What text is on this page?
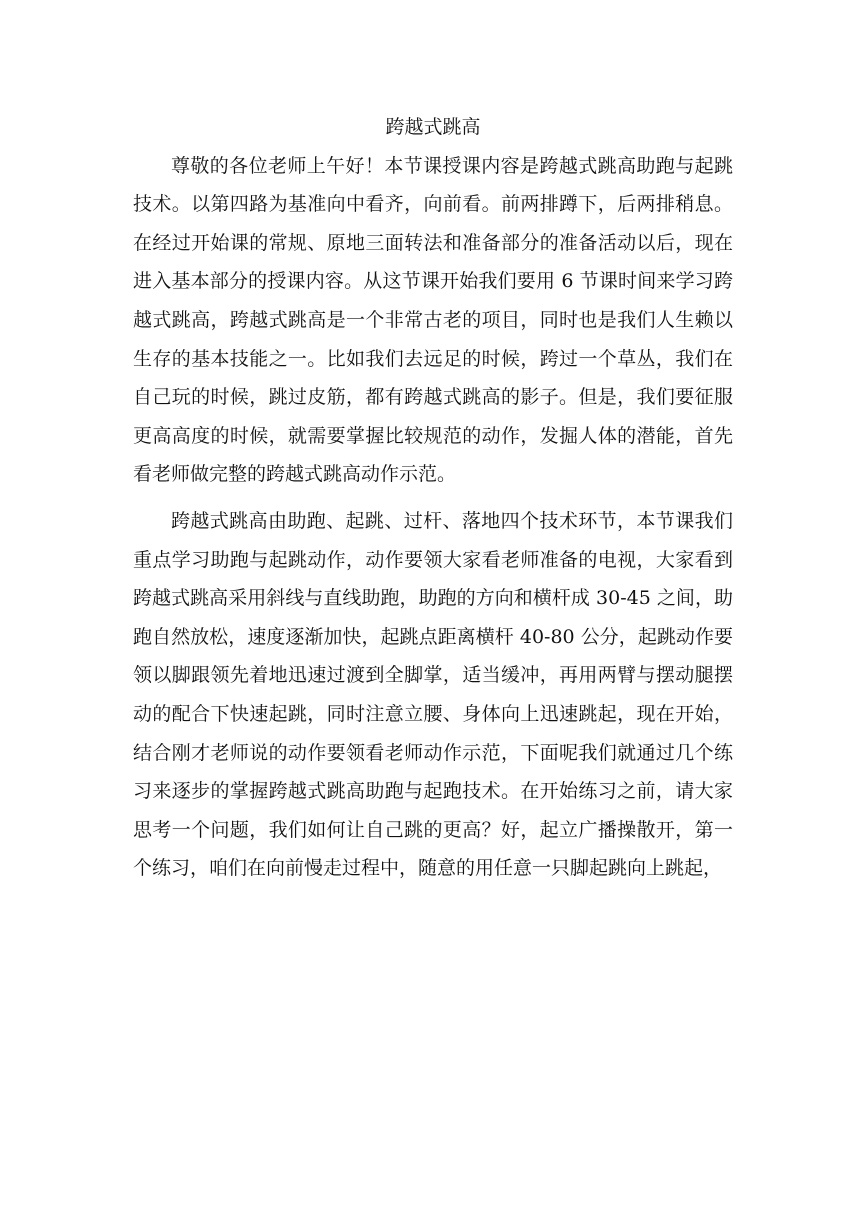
跨越式跳高

尊敬的各位老师上午好！本节课授课内容是跨越式跳高助跑与起跳技术。以第四路为基准向中看齐，向前看。前两排蹲下，后两排稍息。在经过开始课的常规、原地三面转法和准备部分的准备活动以后，现在进入基本部分的授课内容。从这节课开始我们要用 6 节课时间来学习跨越式跳高，跨越式跳高是一个非常古老的项目，同时也是我们人生赖以生存的基本技能之一。比如我们去远足的时候，跨过一个草丛，我们在自己玩的时候，跳过皮筋，都有跨越式跳高的影子。但是，我们要征服更高高度的时候，就需要掌握比较规范的动作，发掘人体的潜能，首先看老师做完整的跨越式跳高动作示范。

跨越式跳高由助跑、起跳、过杆、落地四个技术环节，本节课我们重点学习助跑与起跳动作，动作要领大家看老师准备的电视，大家看到跨越式跳高采用斜线与直线助跑，助跑的方向和横杆成 30-45 之间，助跑自然放松，速度逐渐加快，起跳点距离横杆 40-80 公分，起跳动作要领以脚跟领先着地迅速过渡到全脚掌，适当缓冲，再用两臂与摆动腿摆动的配合下快速起跳，同时注意立腰、身体向上迅速跳起，现在开始，结合刚才老师说的动作要领看老师动作示范，下面呢我们就通过几个练习来逐步的掌握跨越式跳高助跑与起跑技术。在开始练习之前，请大家思考一个问题，我们如何让自己跳的更高？好，起立广播操散开，第一个练习，咱们在向前慢走过程中，随意的用任意一只脚起跳向上跳起，
